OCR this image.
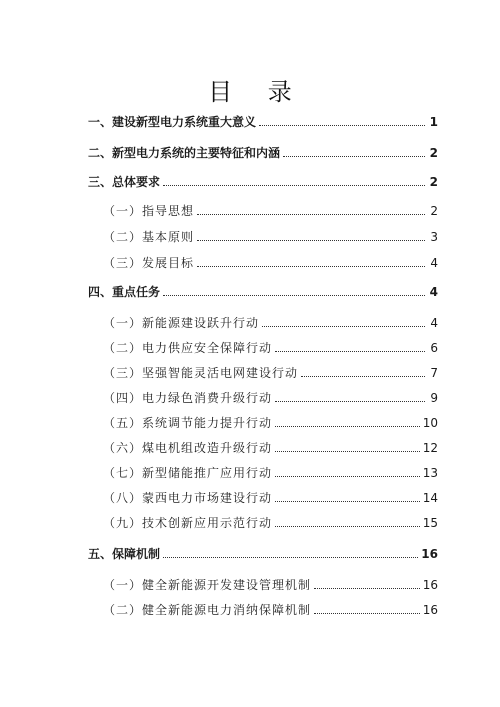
目 录
一、建设新型电力系统重大意义	1
二、新型电力系统的主要特征和内涵	2
三、总体要求	2
（一）指导思想	2
（二）基本原则	3
（三）发展目标	4
四、重点任务	4
（一）新能源建设跃升行动	4
（二）电力供应安全保障行动	6
（三）坚强智能灵活电网建设行动	7
（四）电力绿色消费升级行动	9
（五）系统调节能力提升行动	10
（六）煤电机组改造升级行动	12
（七）新型储能推广应用行动	13
（八）蒙西电力市场建设行动	14
（九）技术创新应用示范行动	15
五、保障机制	16
（一）健全新能源开发建设管理机制	16
（二）健全新能源电力消纳保障机制	16
